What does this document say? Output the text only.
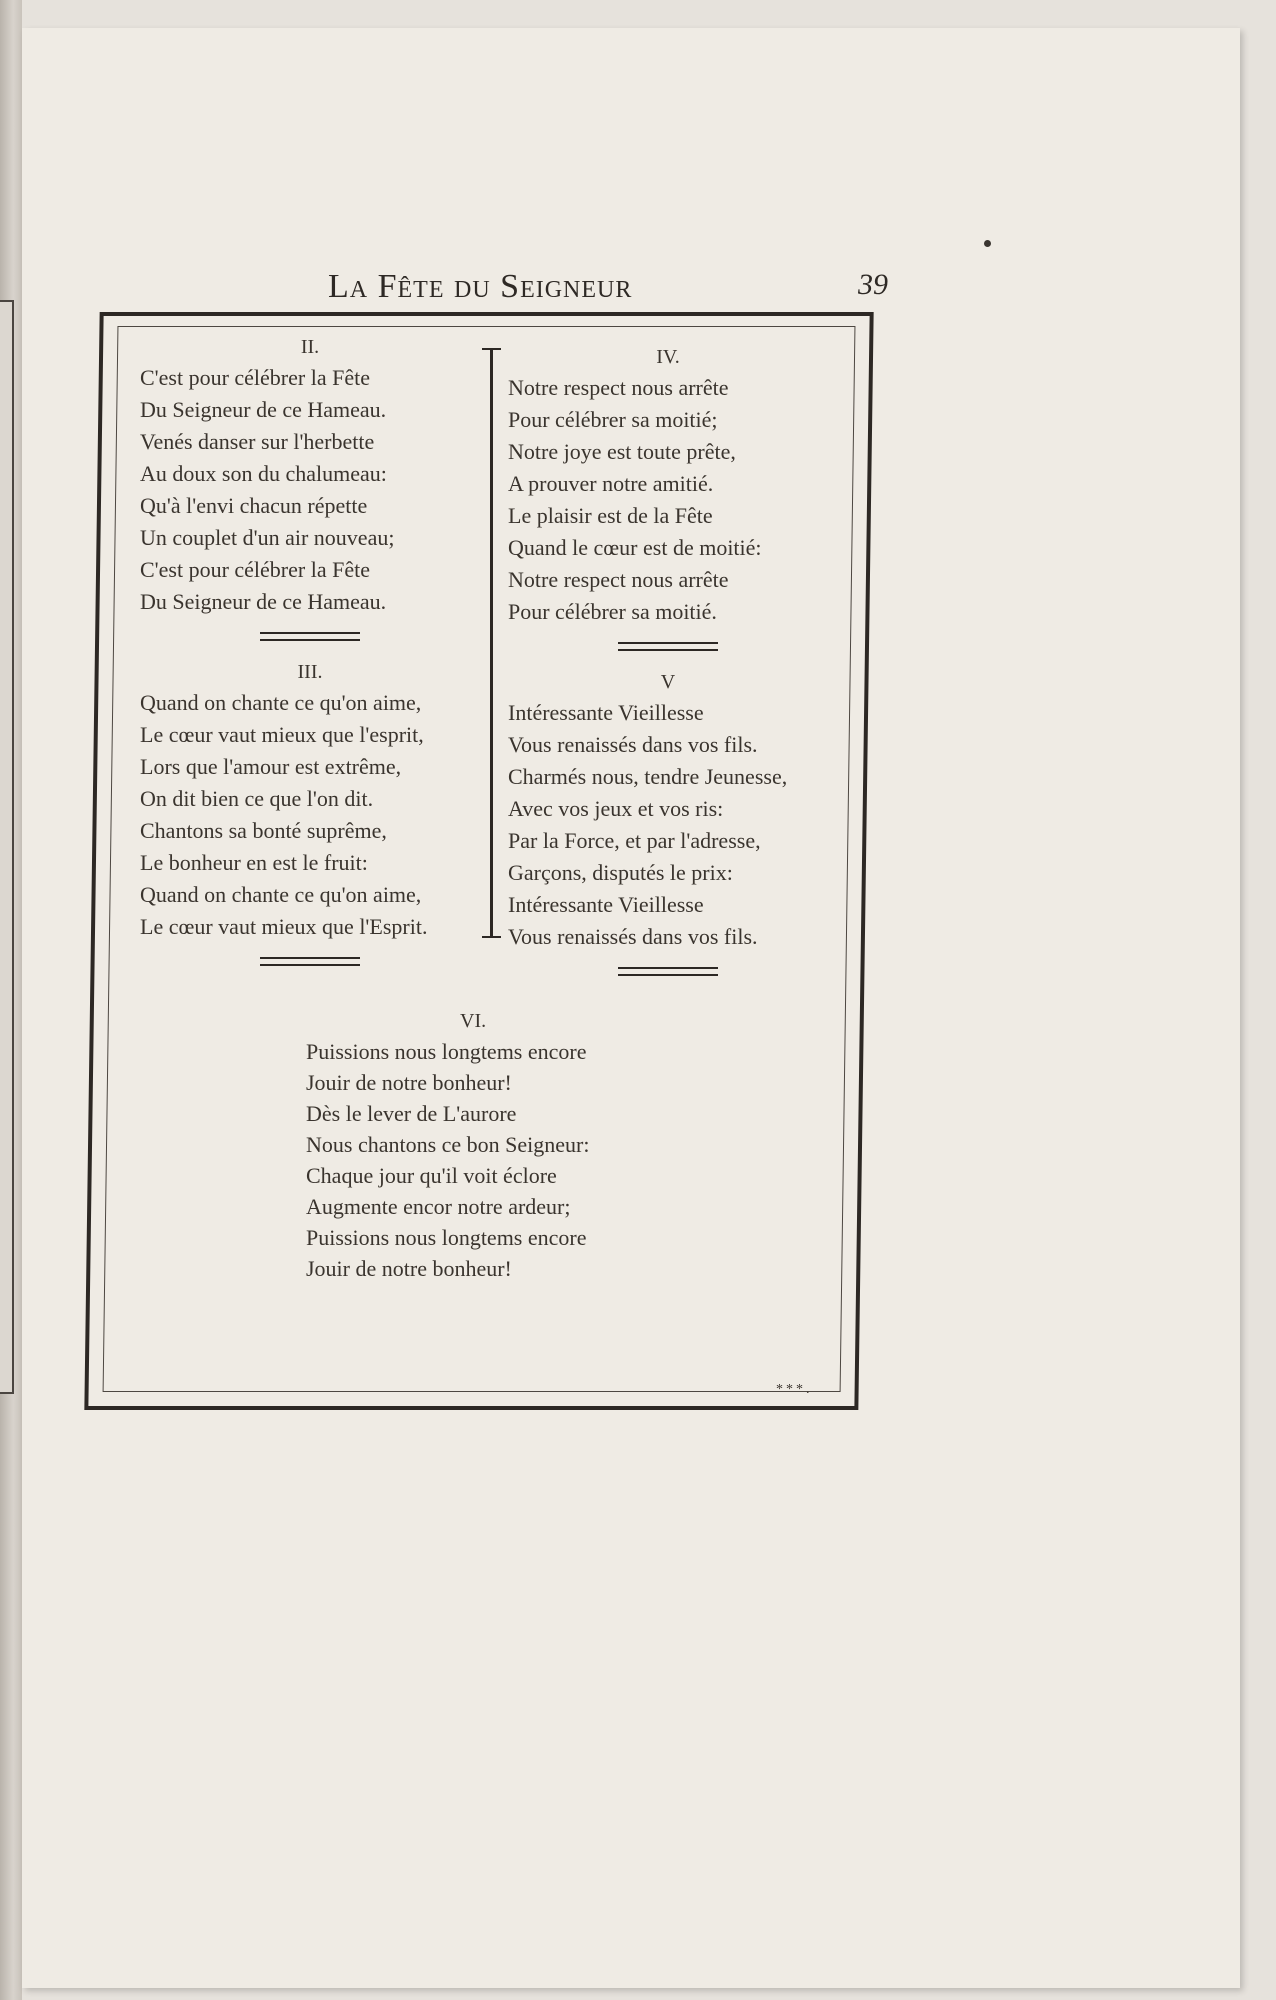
La Fête du Seigneur	39
II.
C'est pour célébrer la Fête
Du Seigneur de ce Hameau.
Venés danser sur l'herbette
Au doux son du chalumeau:
Qu'à l'envi chacun répette
Un couplet d'un air nouveau;
C'est pour célébrer la Fête
Du Seigneur de ce Hameau.
III.
Quand on chante ce qu'on aime,
Le cœur vaut mieux que l'esprit,
Lors que l'amour est extrême,
On dit bien ce que l'on dit.
Chantons sa bonté suprême,
Le bonheur en est le fruit:
Quand on chante ce qu'on aime,
Le cœur vaut mieux que l'Esprit.
IV.
Notre respect nous arrête
Pour célébrer sa moitié;
Notre joye est toute prête,
A prouver notre amitié.
Le plaisir est de la Fête
Quand le cœur est de moitié:
Notre respect nous arrête
Pour célébrer sa moitié.
V
Intéressante Vieillesse
Vous renaissés dans vos fils.
Charmés nous, tendre Jeunesse,
Avec vos jeux et vos ris:
Par la Force, et par l'adresse,
Garçons, disputés le prix:
Intéressante Vieillesse
Vous renaissés dans vos fils.
VI.
Puissions nous longtems encore
Jouir de notre bonheur!
Dès le lever de L'aurore
Nous chantons ce bon Seigneur:
Chaque jour qu'il voit éclore
Augmente encor notre ardeur;
Puissions nous longtems encore
Jouir de notre bonheur!
***.
